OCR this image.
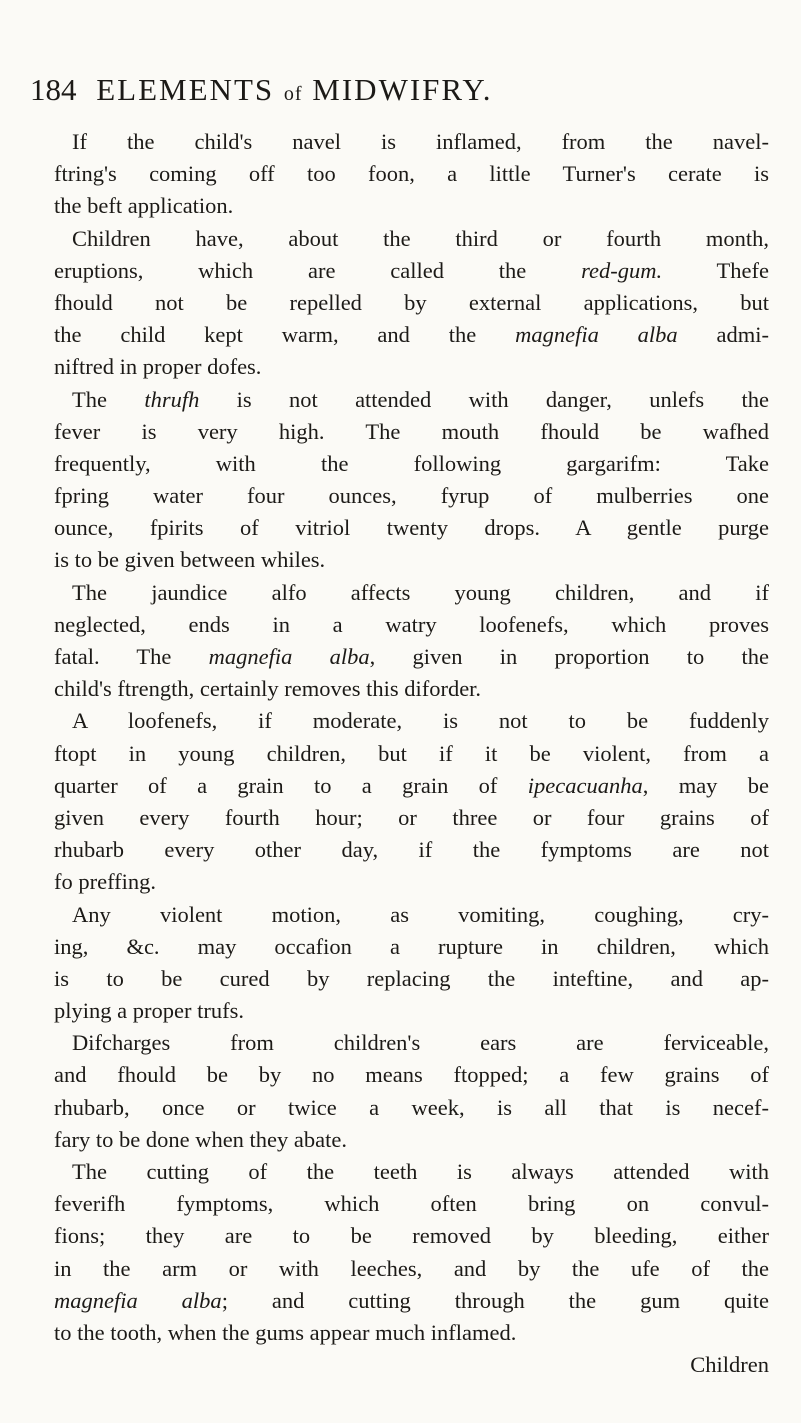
184 ELEMENTS of MIDWIFRY.
If the child's navel is inflamed, from the navel-
ftring's coming off too foon, a little Turner's cerate is
the beft application.
Children have, about the third or fourth month,
eruptions, which are called the red-gum. Thefe
fhould not be repelled by external applications, but
the child kept warm, and the magnefia alba admi-
niftred in proper dofes.
The thrufh is not attended with danger, unlefs the
fever is very high. The mouth fhould be wafhed
frequently, with the following gargarifm: Take
fpring water four ounces, fyrup of mulberries one
ounce, fpirits of vitriol twenty drops. A gentle purge
is to be given between whiles.
The jaundice alfo affects young children, and if
neglected, ends in a watry loofenefs, which proves
fatal. The magnefia alba, given in proportion to the
child's ftrength, certainly removes this diforder.
A loofenefs, if moderate, is not to be fuddenly
ftopt in young children, but if it be violent, from a
quarter of a grain to a grain of ipecacuanha, may be
given every fourth hour; or three or four grains of
rhubarb every other day, if the fymptoms are not
fo preffing.
Any violent motion, as vomiting, coughing, cry-
ing, &c. may occafion a rupture in children, which
is to be cured by replacing the inteftine, and ap-
plying a proper trufs.
Difcharges from children's ears are ferviceable,
and fhould be by no means ftopped; a few grains of
rhubarb, once or twice a week, is all that is necef-
fary to be done when they abate.
The cutting of the teeth is always attended with
feverifh fymptoms, which often bring on convul-
fions; they are to be removed by bleeding, either
in the arm or with leeches, and by the ufe of the
magnefia alba; and cutting through the gum quite
to the tooth, when the gums appear much inflamed.
Children
